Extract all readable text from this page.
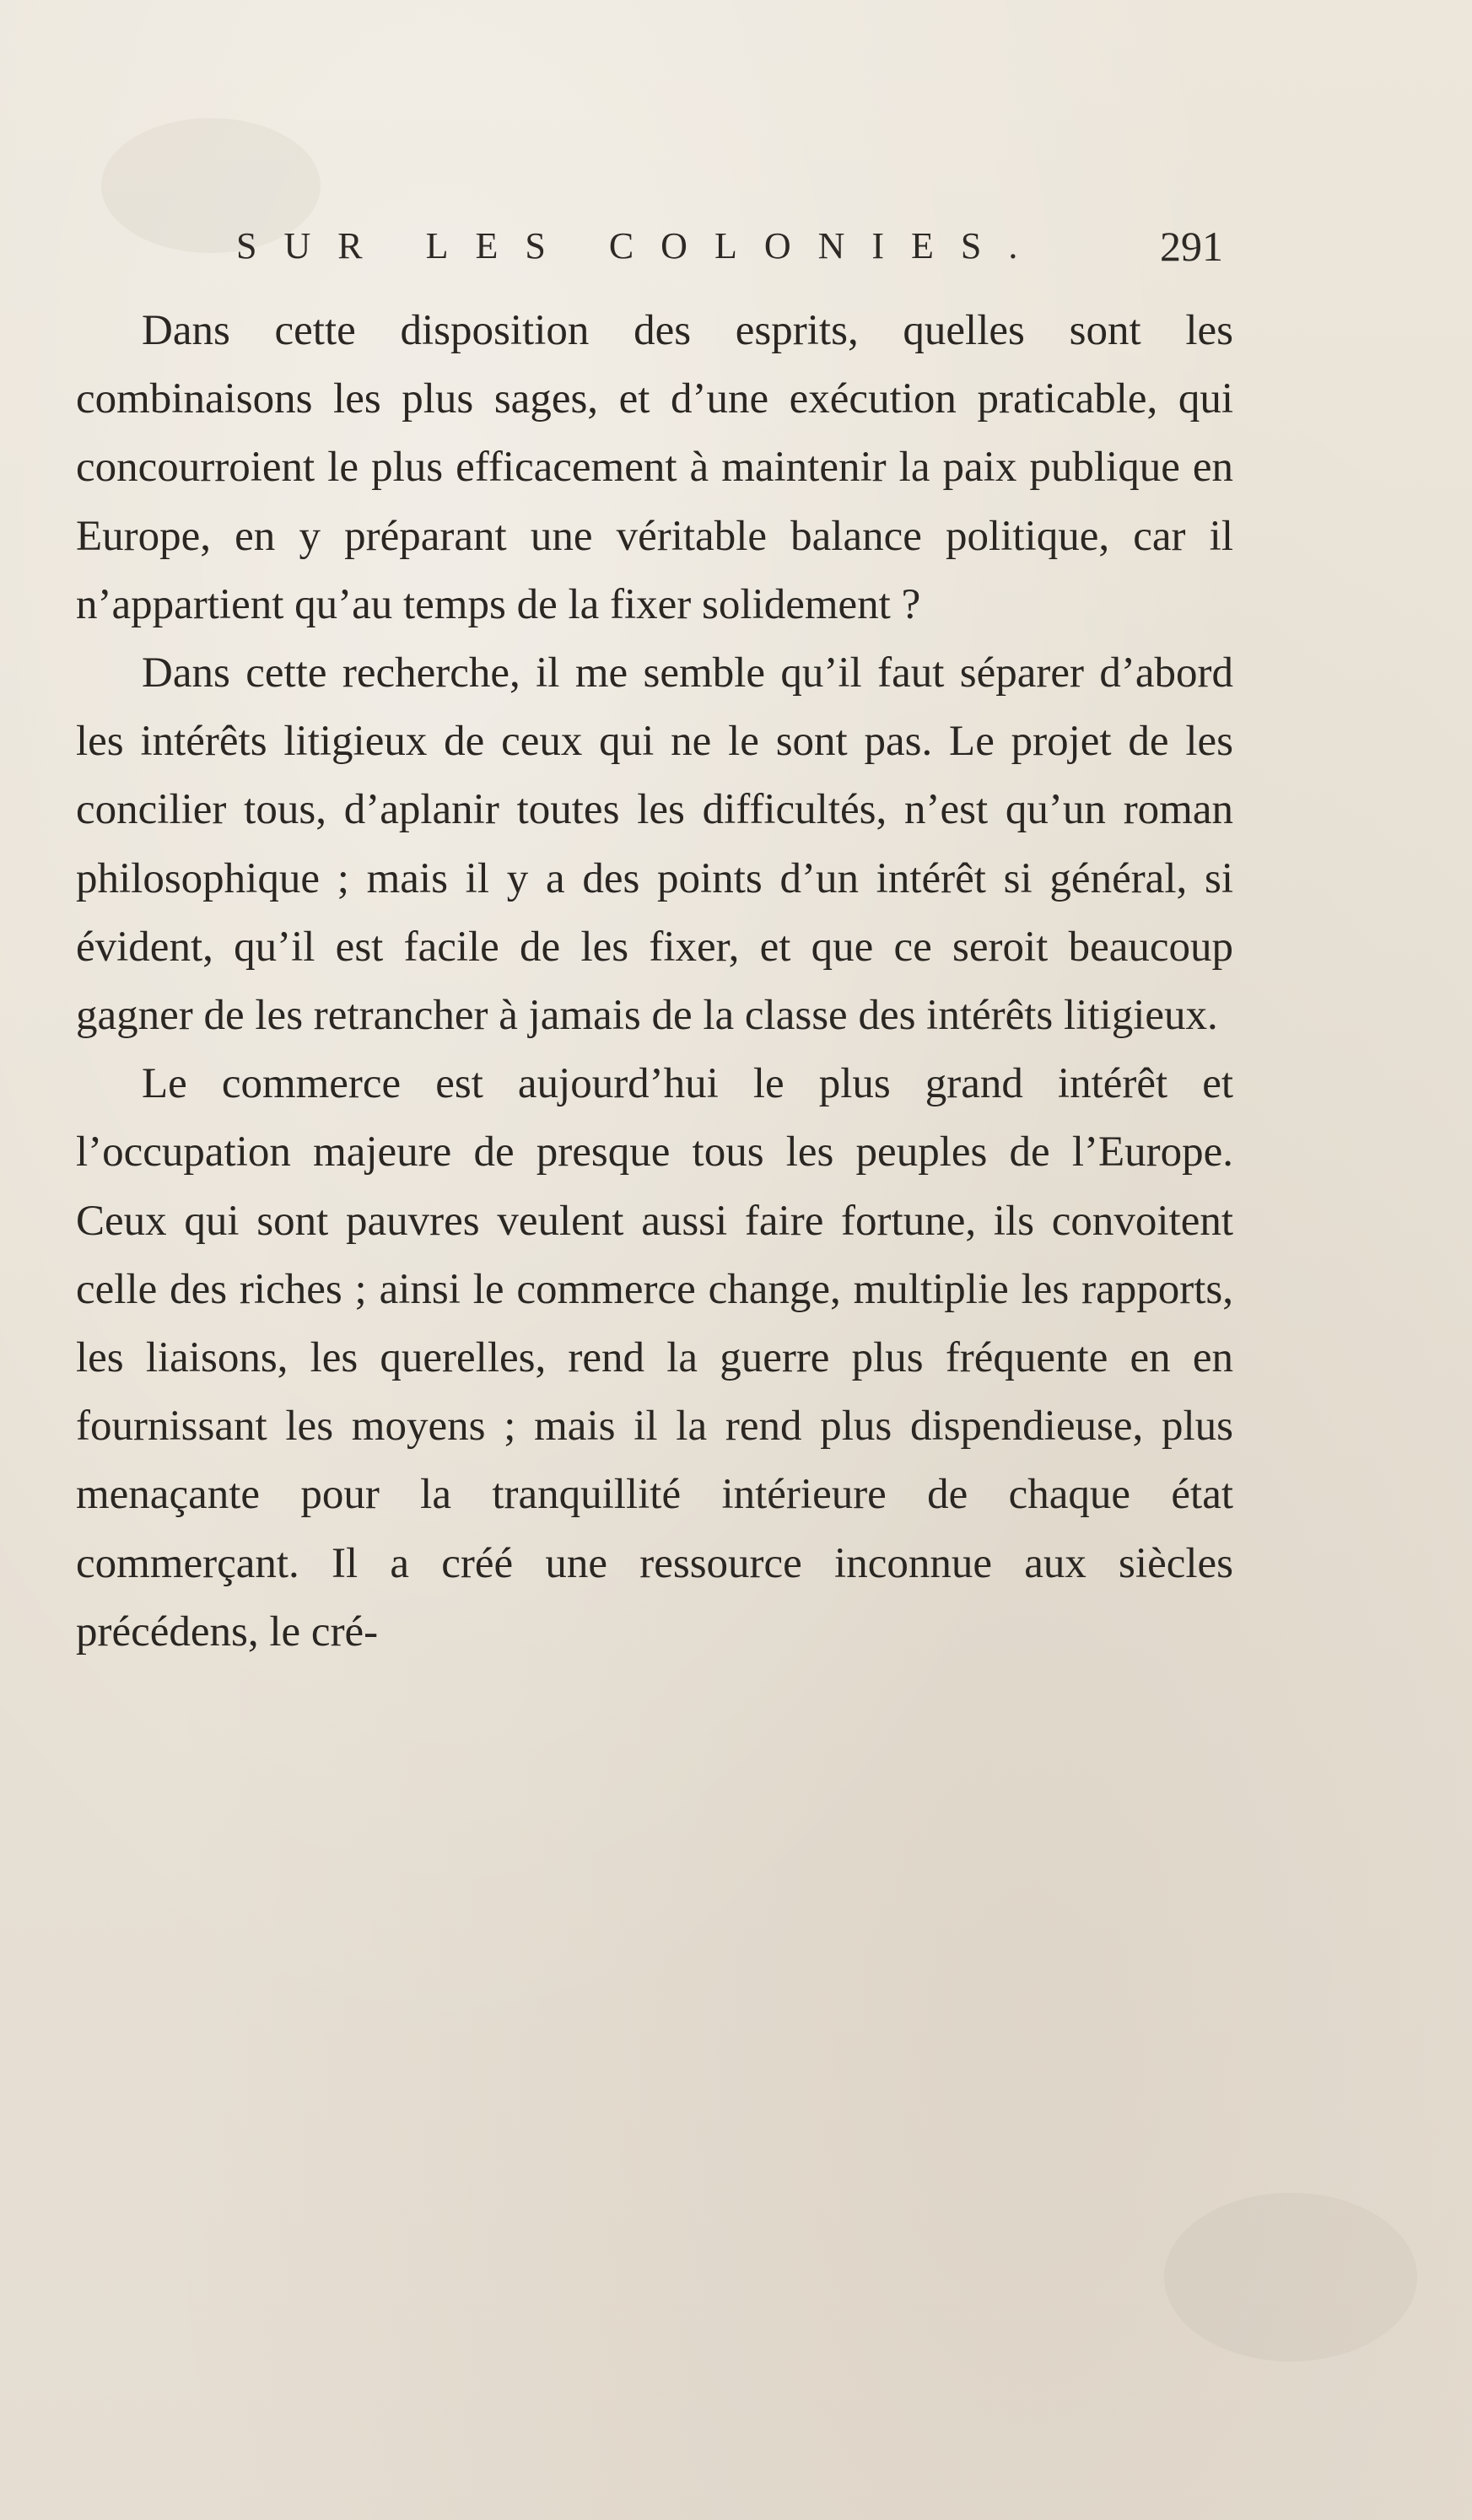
SUR LES COLONIES.	291

Dans cette disposition des esprits, quelles sont les combinaisons les plus sages, et d’une exécution praticable, qui concourroient le plus efficacement à maintenir la paix publique en Europe, en y préparant une véritable balance politique, car il n’appartient qu’au temps de la fixer solidement ?

Dans cette recherche, il me semble qu’il faut séparer d’abord les intérêts litigieux de ceux qui ne le sont pas. Le projet de les concilier tous, d’aplanir toutes les difficultés, n’est qu’un roman philosophique ; mais il y a des points d’un intérêt si général, si évident, qu’il est facile de les fixer, et que ce seroit beaucoup gagner de les retrancher à jamais de la classe des intérêts litigieux.

Le commerce est aujourd’hui le plus grand intérêt et l’occupation majeure de presque tous les peuples de l’Europe. Ceux qui sont pauvres veulent aussi faire fortune, ils convoitent celle des riches ; ainsi le commerce change, multiplie les rapports, les liaisons, les querelles, rend la guerre plus fréquente en en fournissant les moyens ; mais il la rend plus dispendieuse, plus menaçante pour la tranquillité intérieure de chaque état commerçant. Il a créé une ressource inconnue aux siècles précédens, le cré-
